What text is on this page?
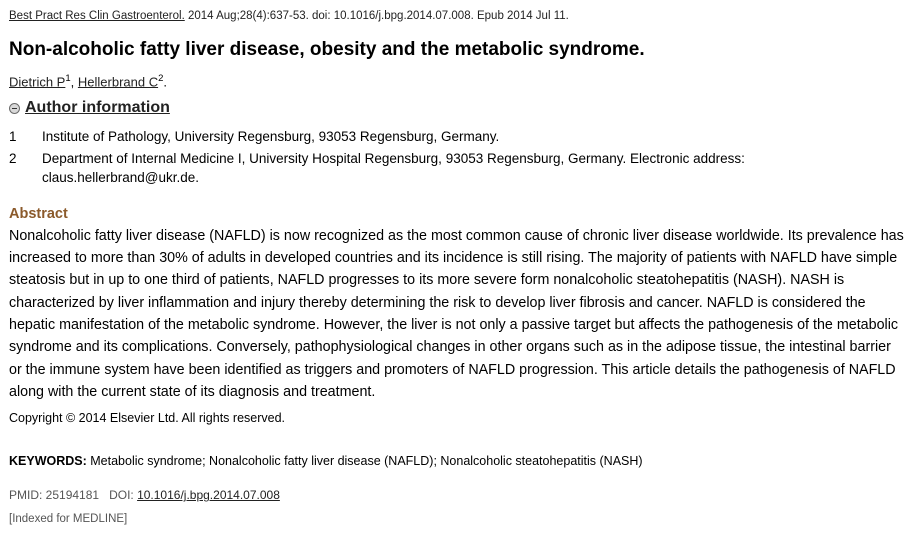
Best Pract Res Clin Gastroenterol. 2014 Aug;28(4):637-53. doi: 10.1016/j.bpg.2014.07.008. Epub 2014 Jul 11.
Non-alcoholic fatty liver disease, obesity and the metabolic syndrome.
Dietrich $P^1$, Hellerbrand $C^2$.
Author information
1	Institute of Pathology, University Regensburg, 93053 Regensburg, Germany.
2	Department of Internal Medicine I, University Hospital Regensburg, 93053 Regensburg, Germany. Electronic address: claus.hellerbrand@ukr.de.
Abstract
Nonalcoholic fatty liver disease (NAFLD) is now recognized as the most common cause of chronic liver disease worldwide. Its prevalence has increased to more than 30% of adults in developed countries and its incidence is still rising. The majority of patients with NAFLD have simple steatosis but in up to one third of patients, NAFLD progresses to its more severe form nonalcoholic steatohepatitis (NASH). NASH is characterized by liver inflammation and injury thereby determining the risk to develop liver fibrosis and cancer. NAFLD is considered the hepatic manifestation of the metabolic syndrome. However, the liver is not only a passive target but affects the pathogenesis of the metabolic syndrome and its complications. Conversely, pathophysiological changes in other organs such as in the adipose tissue, the intestinal barrier or the immune system have been identified as triggers and promoters of NAFLD progression. This article details the pathogenesis of NAFLD along with the current state of its diagnosis and treatment.
Copyright © 2014 Elsevier Ltd. All rights reserved.
KEYWORDS: Metabolic syndrome; Nonalcoholic fatty liver disease (NAFLD); Nonalcoholic steatohepatitis (NASH)
PMID: 25194181 DOI: 10.1016/j.bpg.2014.07.008
[Indexed for MEDLINE]
